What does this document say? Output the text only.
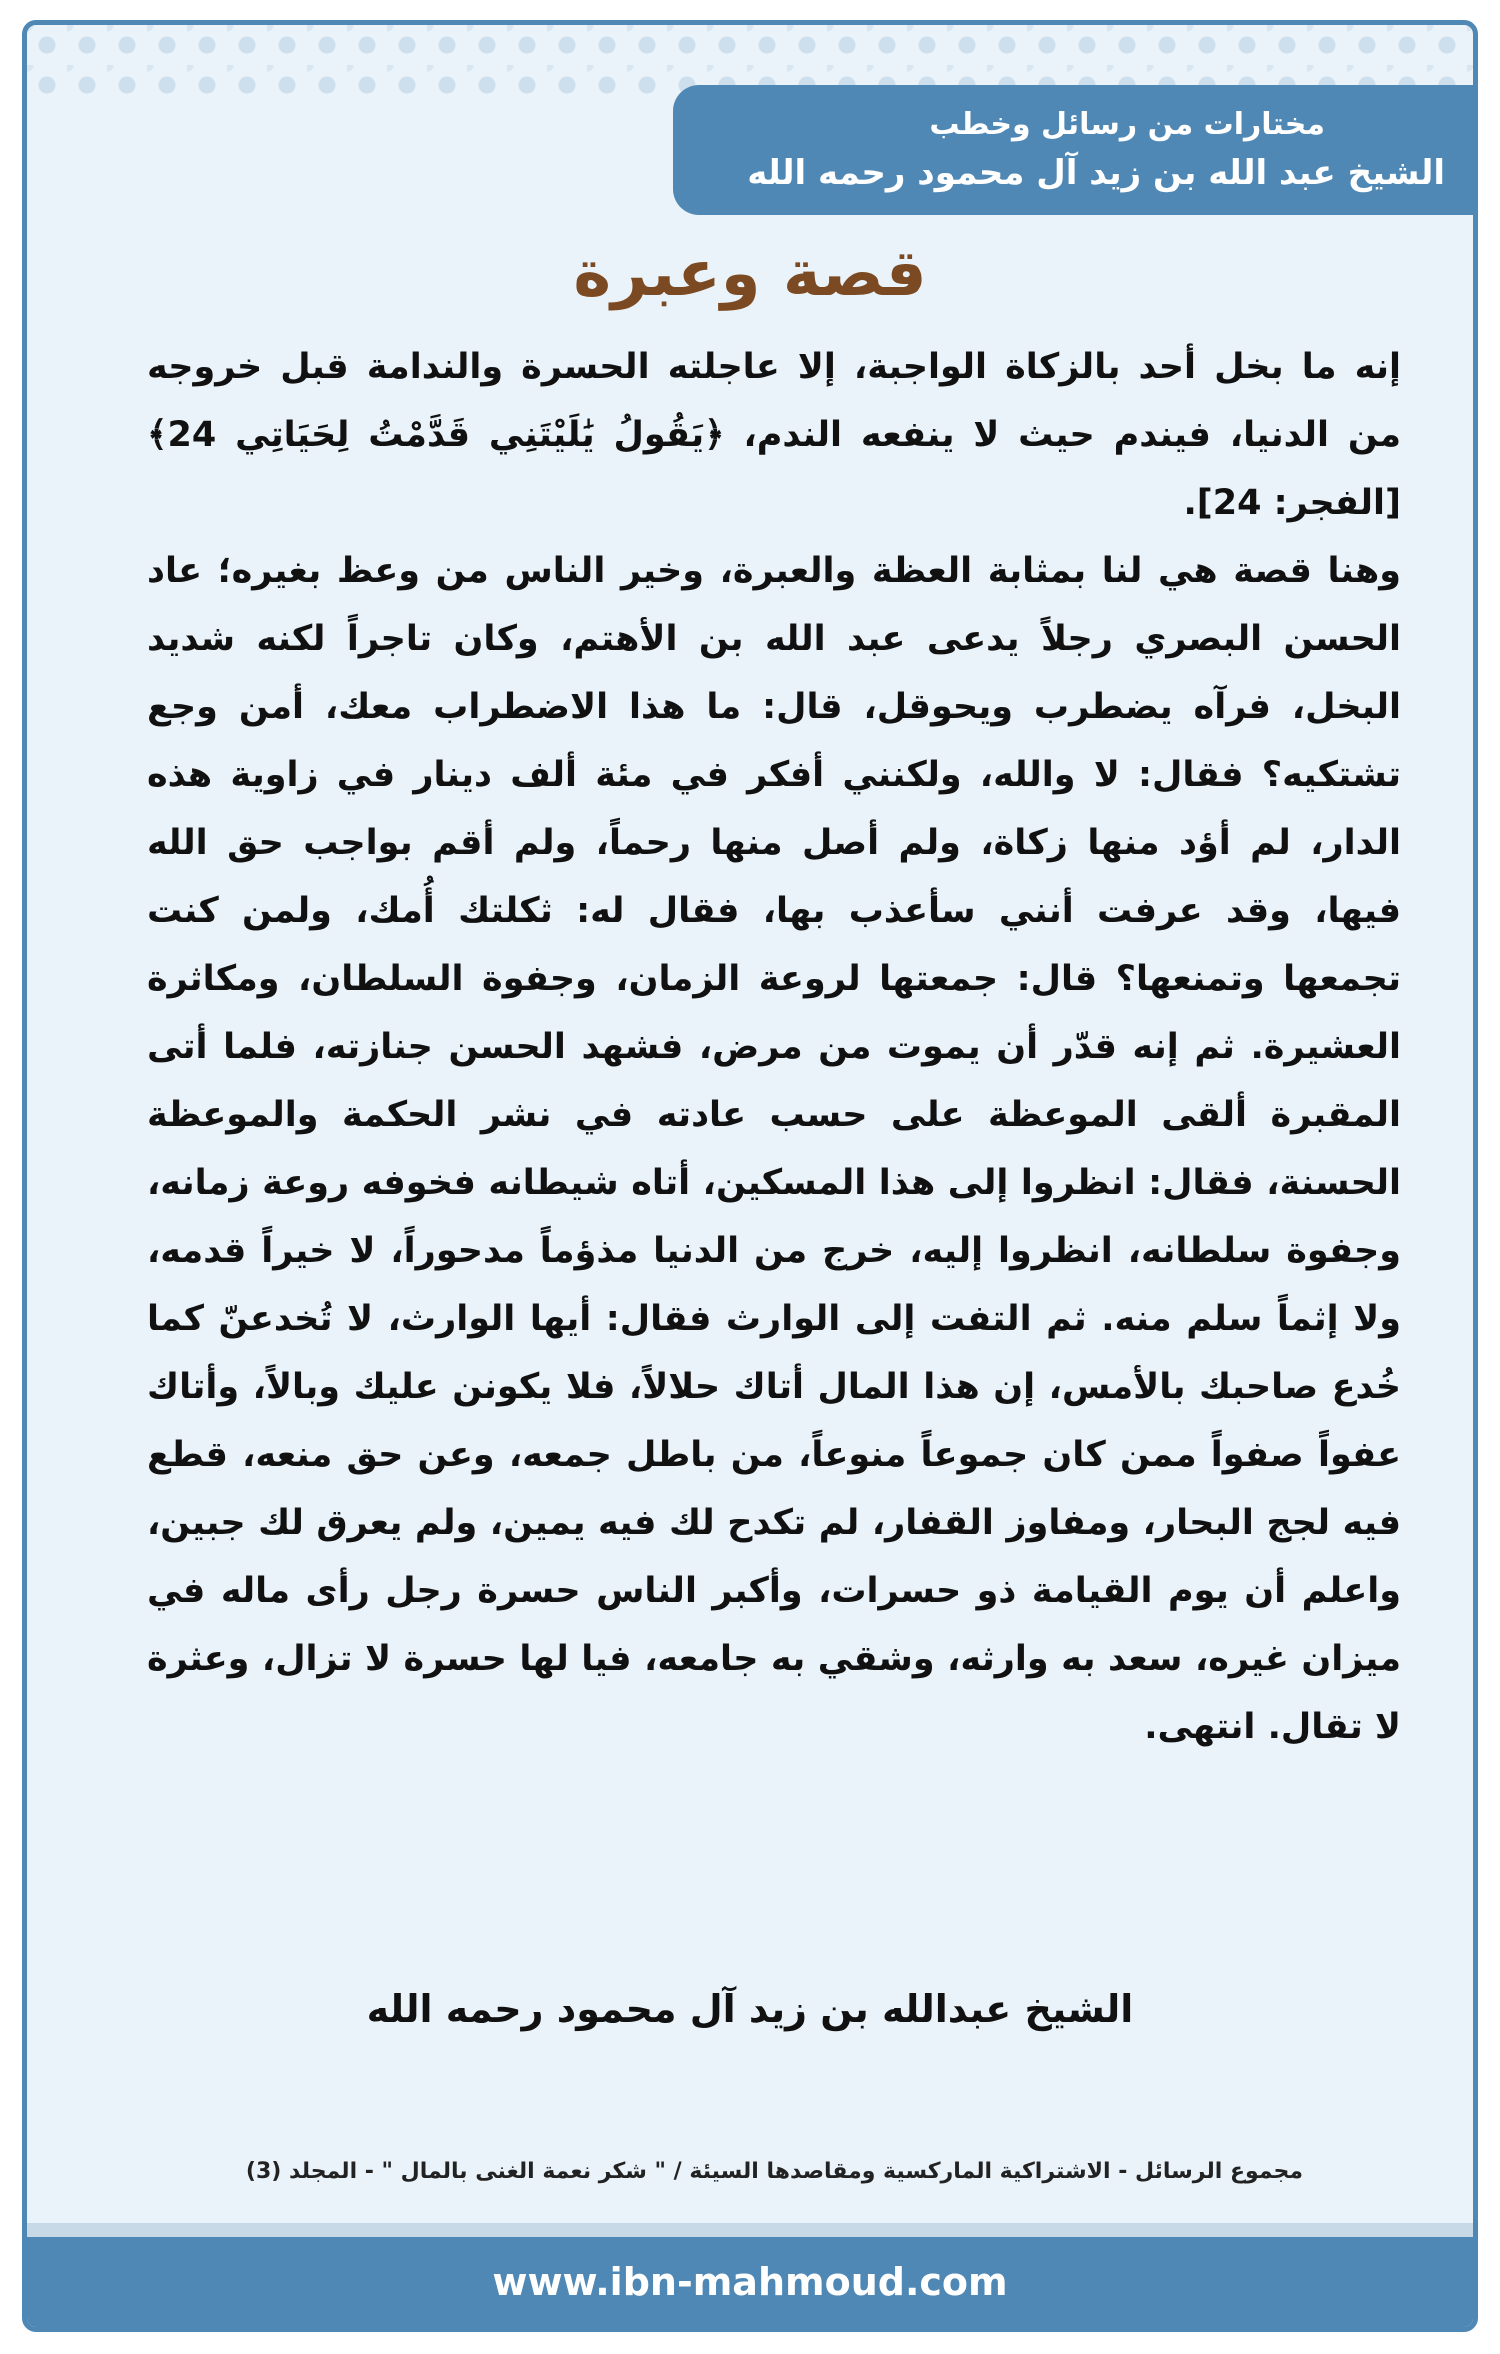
مختارات من رسائل وخطب
الشيخ عبد الله بن زيد آل محمود رحمه الله
قصة وعبرة

إنه ما بخل أحد بالزكاة الواجبة، إلا عاجلته الحسرة والندامة قبل خروجه من الدنيا، فيندم حيث لا ينفعه الندم، ﴿يَقُولُ يَٰلَيْتَنِي قَدَّمْتُ لِحَيَاتِي 24﴾ [الفجر: 24].

وهنا قصة هي لنا بمثابة العظة والعبرة، وخير الناس من وعظ بغيره؛ عاد الحسن البصري رجلاً يدعى عبد الله بن الأهتم، وكان تاجراً لكنه شديد البخل، فرآه يضطرب ويحوقل، قال: ما هذا الاضطراب معك، أمن وجع تشتكيه؟ فقال: لا والله، ولكنني أفكر في مئة ألف دينار في زاوية هذه الدار، لم أؤد منها زكاة، ولم أصل منها رحماً، ولم أقم بواجب حق الله فيها، وقد عرفت أنني سأعذب بها، فقال له: ثكلتك أُمك، ولمن كنت تجمعها وتمنعها؟ قال: جمعتها لروعة الزمان، وجفوة السلطان، ومكاثرة العشيرة. ثم إنه قدّر أن يموت من مرض، فشهد الحسن جنازته، فلما أتى المقبرة ألقى الموعظة على حسب عادته في نشر الحكمة والموعظة الحسنة، فقال: انظروا إلى هذا المسكين، أتاه شيطانه فخوفه روعة زمانه، وجفوة سلطانه، انظروا إليه، خرج من الدنيا مذؤماً مدحوراً، لا خيراً قدمه، ولا إثماً سلم منه. ثم التفت إلى الوارث فقال: أيها الوارث، لا تُخدعنّ كما خُدع صاحبك بالأمس، إن هذا المال أتاك حلالاً، فلا يكونن عليك وبالاً، وأتاك عفواً صفواً ممن كان جموعاً منوعاً، من باطل جمعه، وعن حق منعه، قطع فيه لجج البحار، ومفاوز القفار، لم تكدح لك فيه يمين، ولم يعرق لك جبين، واعلم أن يوم القيامة ذو حسرات، وأكبر الناس حسرة رجل رأى ماله في ميزان غيره، سعد به وارثه، وشقي به جامعه، فيا لها حسرة لا تزال، وعثرة لا تقال. انتهى.

الشيخ عبدالله بن زيد آل محمود رحمه الله
مجموع الرسائل - الاشتراكية الماركسية ومقاصدها السيئة / " شكر نعمة الغنى بالمال " - المجلد (3)
www.ibn-mahmoud.com
